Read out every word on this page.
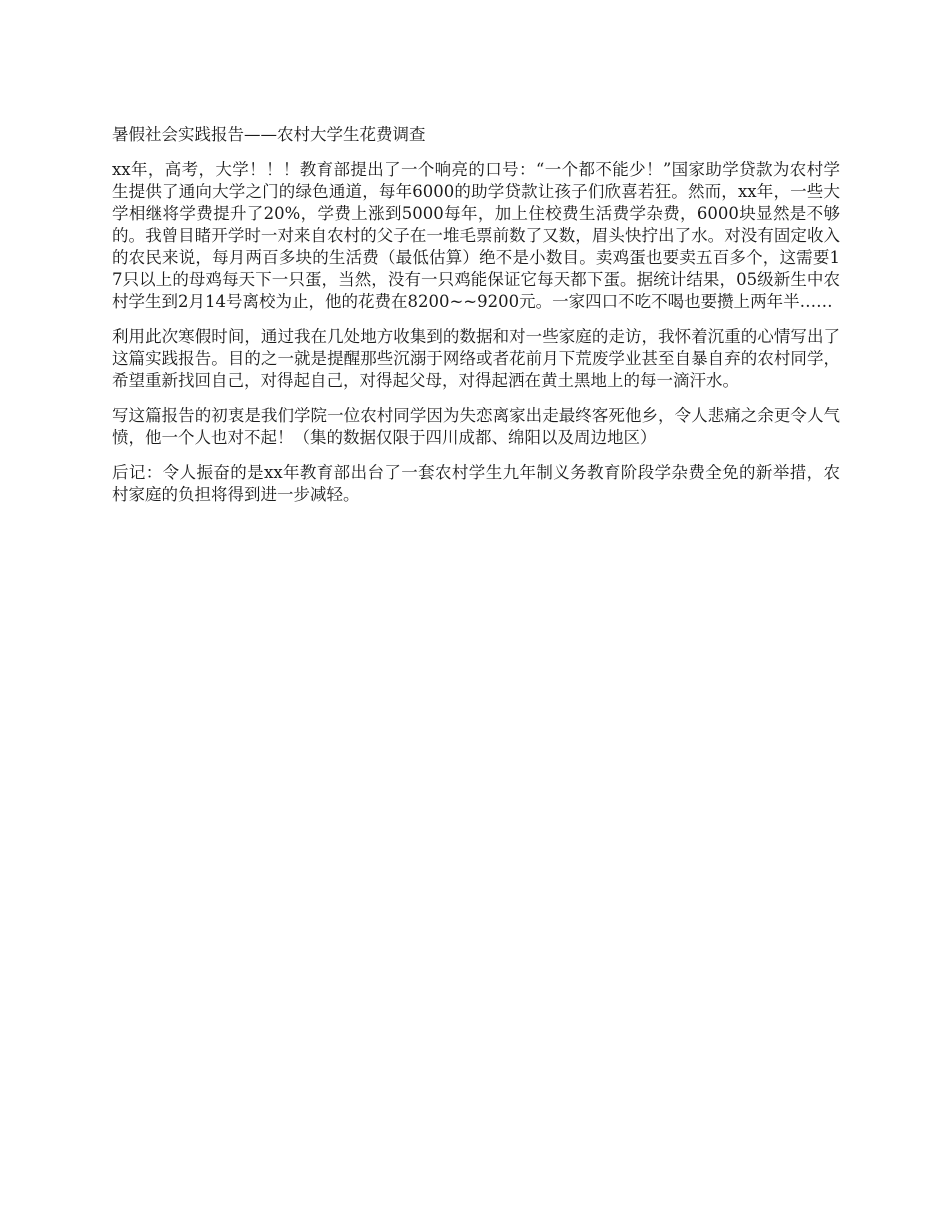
暑假社会实践报告——农村大学生花费调查

xx年，高考，大学！！！教育部提出了一个响亮的口号：“一个都不能少！”国家助学贷款为农村学生提供了通向大学之门的绿色通道，每年6000的助学贷款让孩子们欣喜若狂。然而，xx年，一些大学相继将学费提升了20%，学费上涨到5000每年，加上住校费生活费学杂费，6000块显然是不够的。我曾目睹开学时一对来自农村的父子在一堆毛票前数了又数，眉头快拧出了水。对没有固定收入的农民来说，每月两百多块的生活费（最低估算）绝不是小数目。卖鸡蛋也要卖五百多个，这需要17只以上的母鸡每天下一只蛋，当然，没有一只鸡能保证它每天都下蛋。据统计结果，05级新生中农村学生到2月14号离校为止，他的花费在8200~~9200元。一家四口不吃不喝也要攒上两年半……

利用此次寒假时间，通过我在几处地方收集到的数据和对一些家庭的走访，我怀着沉重的心情写出了这篇实践报告。目的之一就是提醒那些沉溺于网络或者花前月下荒废学业甚至自暴自弃的农村同学，希望重新找回自己，对得起自己，对得起父母，对得起洒在黄土黑地上的每一滴汗水。

写这篇报告的初衷是我们学院一位农村同学因为失恋离家出走最终客死他乡，令人悲痛之余更令人气愤，他一个人也对不起！（集的数据仅限于四川成都、绵阳以及周边地区）

后记：令人振奋的是xx年教育部出台了一套农村学生九年制义务教育阶段学杂费全免的新举措，农村家庭的负担将得到进一步减轻。
